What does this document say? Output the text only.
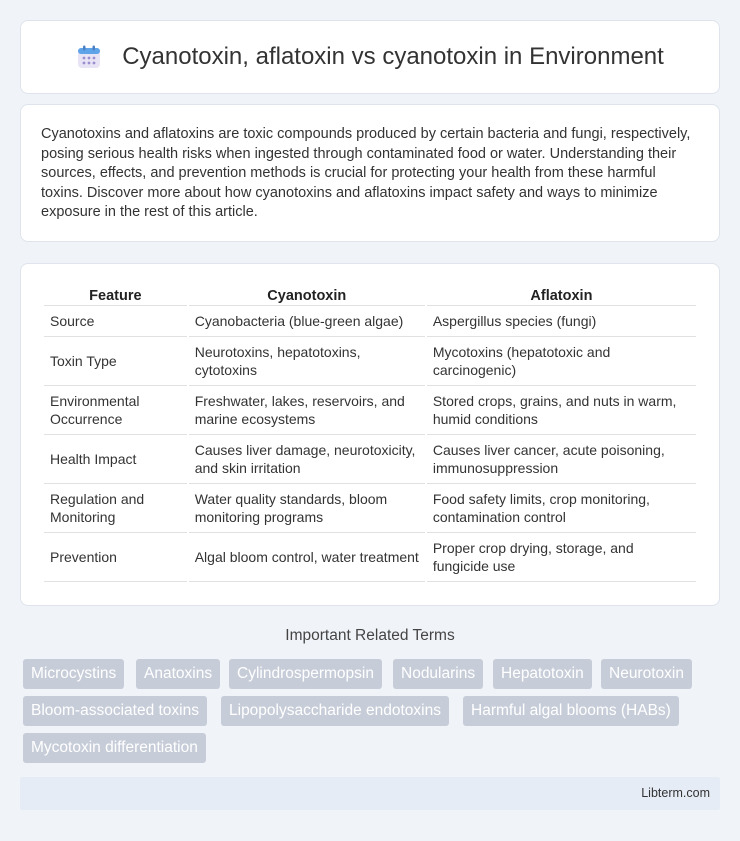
Cyanotoxin, aflatoxin vs cyanotoxin in Environment

Cyanotoxins and aflatoxins are toxic compounds produced by certain bacteria and fungi, respectively, posing serious health risks when ingested through contaminated food or water. Understanding their sources, effects, and prevention methods is crucial for protecting your health from these harmful toxins. Discover more about how cyanotoxins and aflatoxins impact safety and ways to minimize exposure in the rest of this article.

Feature	Cyanotoxin	Aflatoxin
Source	Cyanobacteria (blue-green algae)	Aspergillus species (fungi)
Toxin Type	Neurotoxins, hepatotoxins, cytotoxins	Mycotoxins (hepatotoxic and carcinogenic)
Environmental Occurrence	Freshwater, lakes, reservoirs, and marine ecosystems	Stored crops, grains, and nuts in warm, humid conditions
Health Impact	Causes liver damage, neurotoxicity, and skin irritation	Causes liver cancer, acute poisoning, immunosuppression
Regulation and Monitoring	Water quality standards, bloom monitoring programs	Food safety limits, crop monitoring, contamination control
Prevention	Algal bloom control, water treatment	Proper crop drying, storage, and fungicide use
Important Related Terms
Microcystins	Anatoxins	Cylindrospermopsin	Nodularins	Hepatotoxin	Neurotoxin
Bloom-associated toxins	Lipopolysaccharide endotoxins	Harmful algal blooms (HABs)
Mycotoxin differentiation
Libterm.com
